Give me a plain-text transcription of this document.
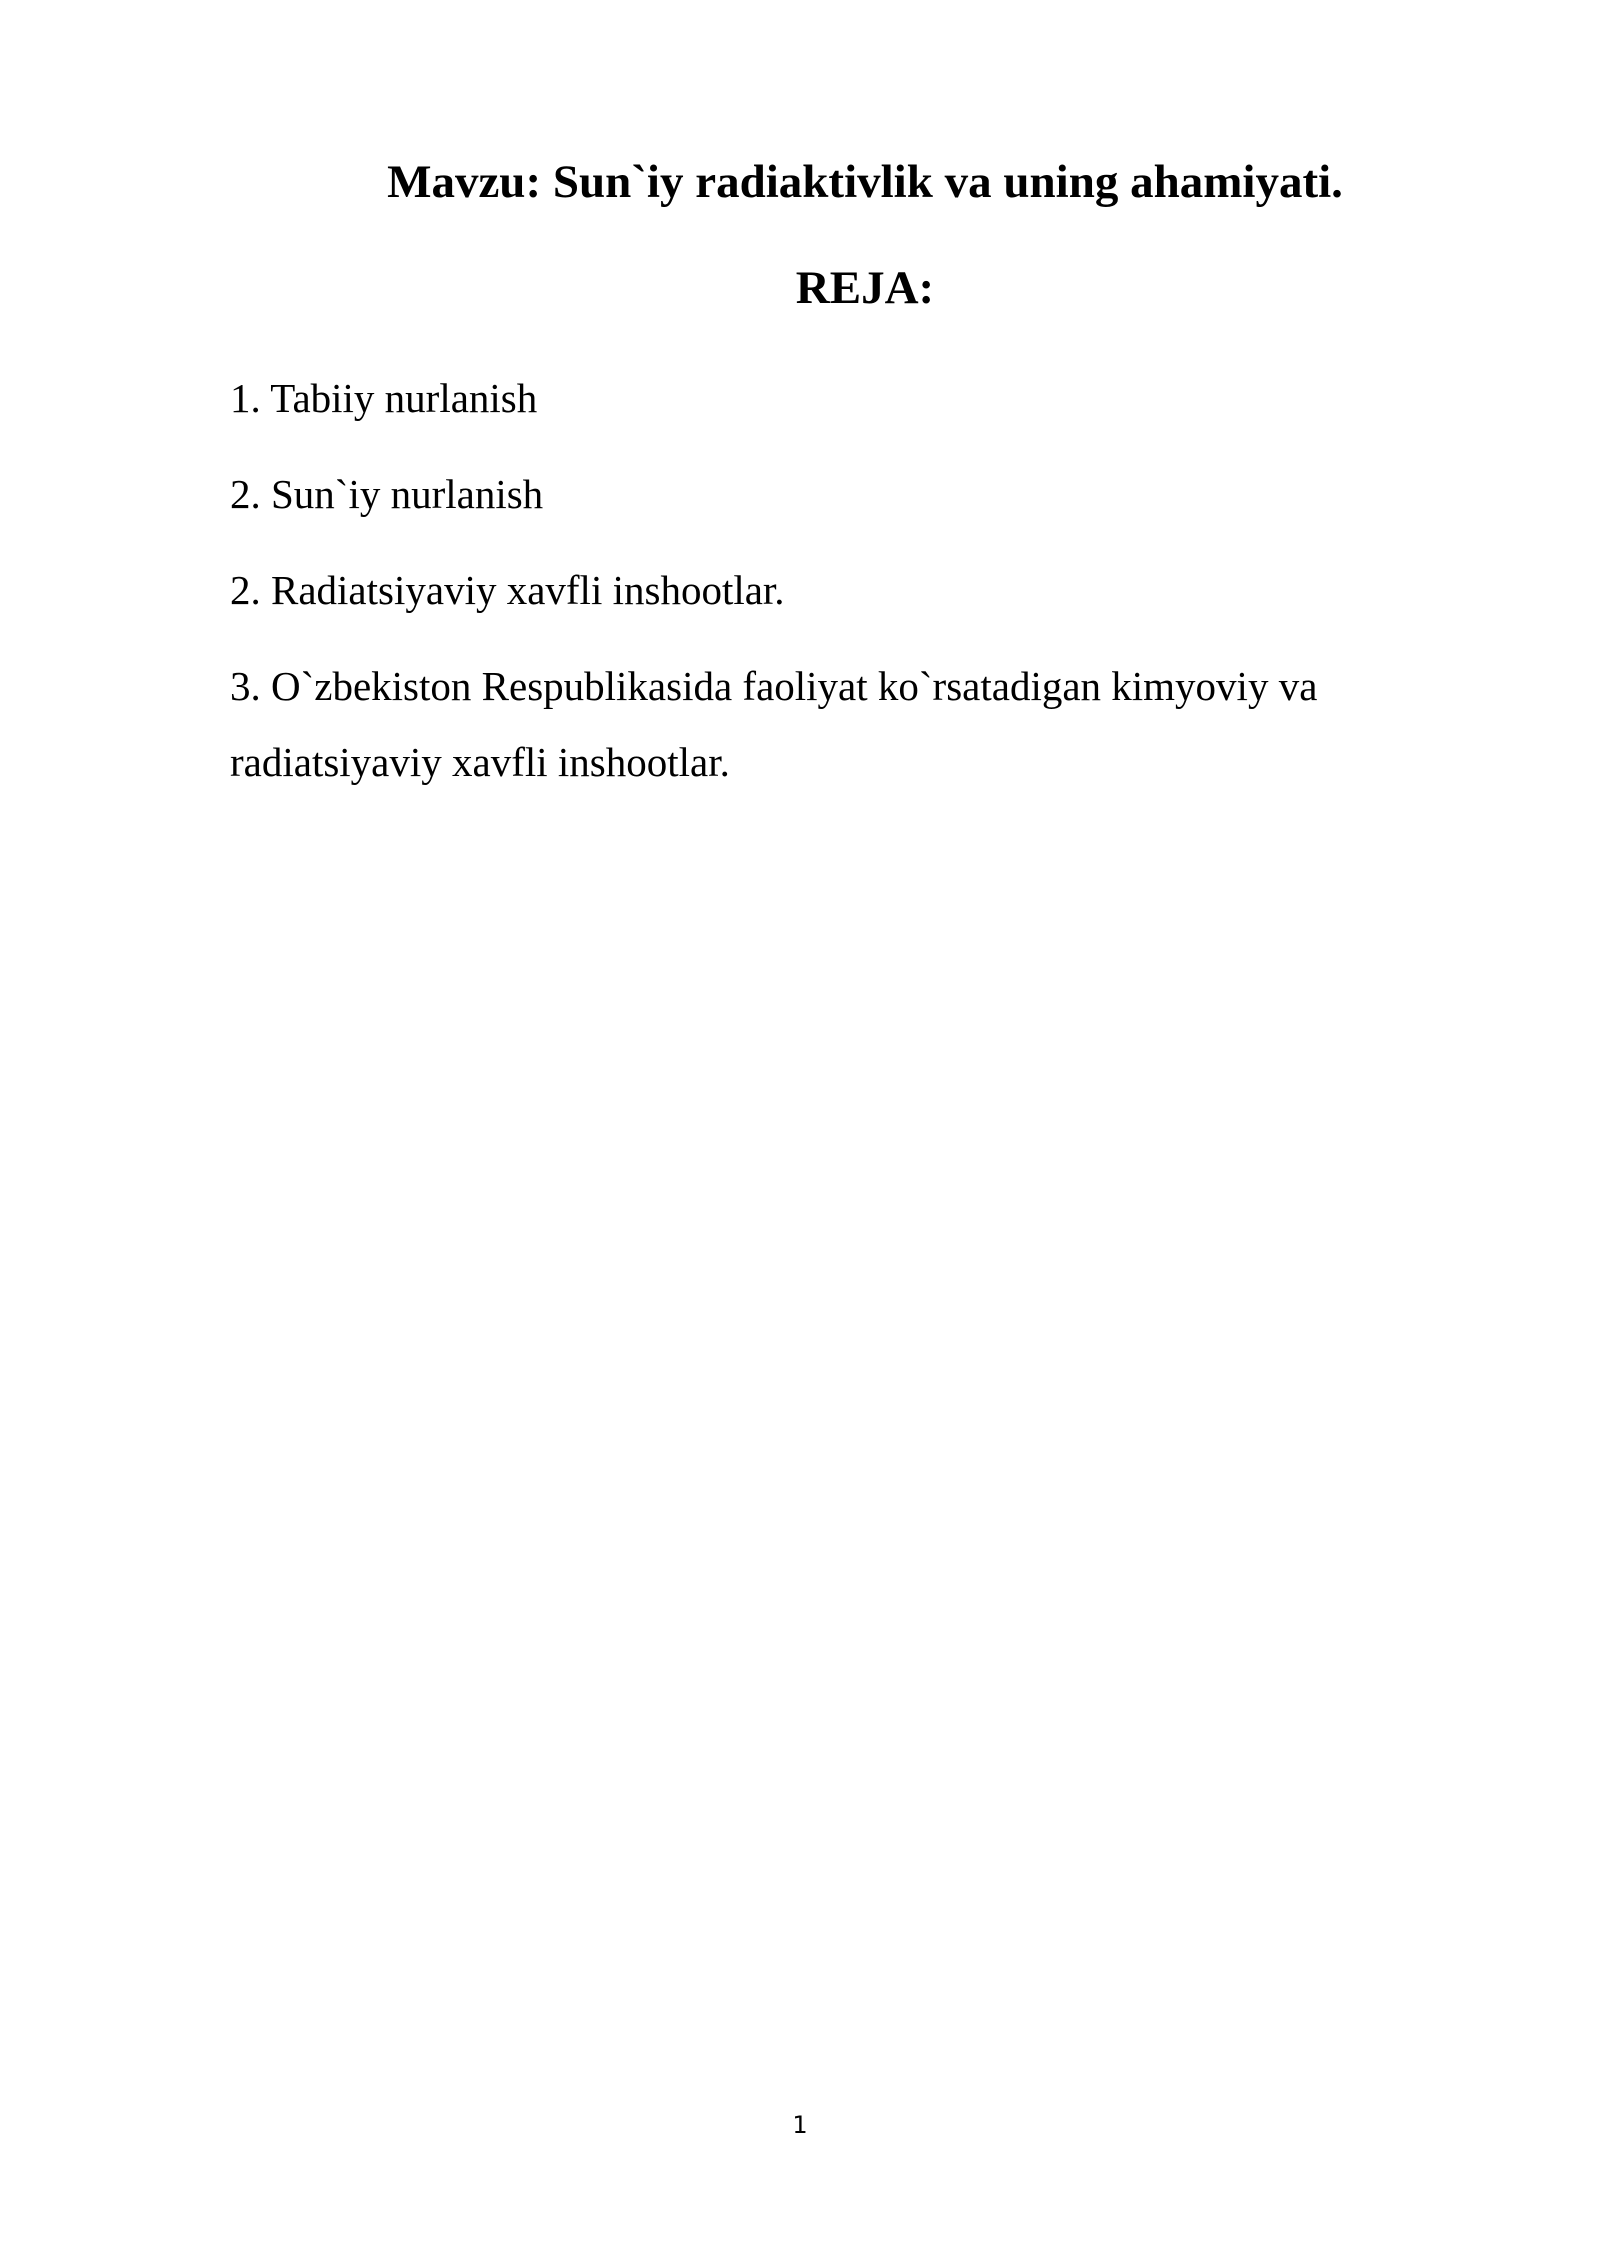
Mavzu: Sun`iy radiaktivlik va uning ahamiyati.
REJA:
1. Tabiiy nurlanish
2. Sun`iy nurlanish
2. Radiatsiyaviy xavfli inshootlar.
3. O`zbekiston Respublikasida faoliyat ko`rsatadigan kimyoviy va radiatsiyaviy xavfli inshootlar.
1
